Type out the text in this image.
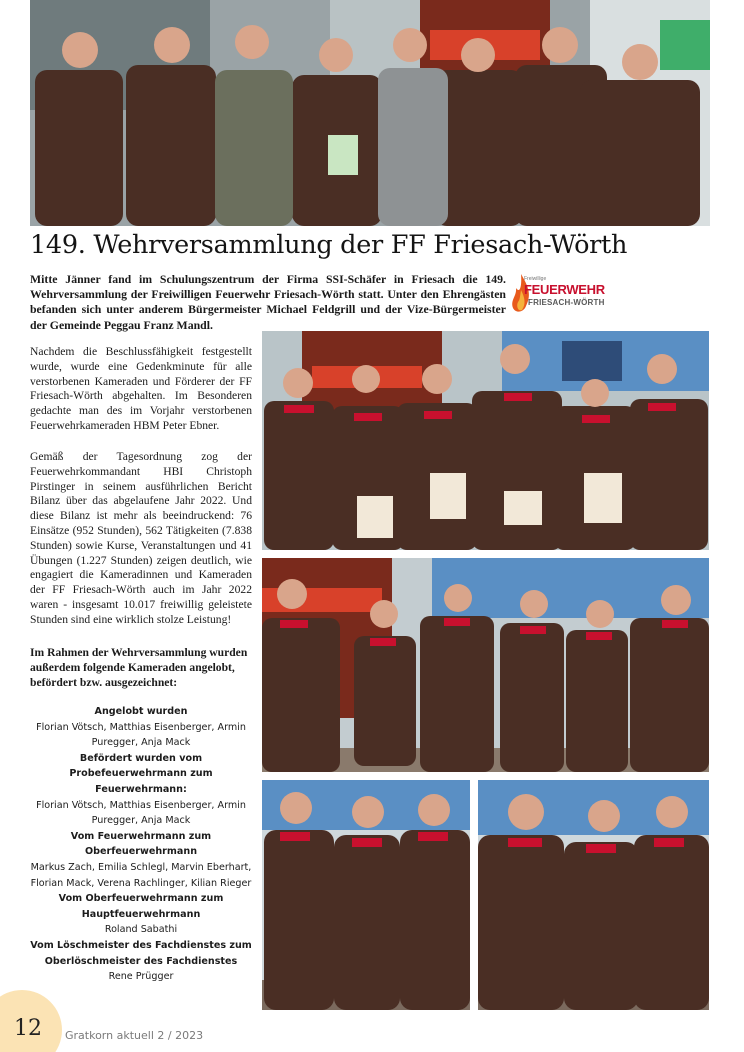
149. Wehrversammlung der FF Friesach-Wörth

Mitte Jänner fand im Schulungszentrum der Firma SSI-Schäfer in Friesach die 149. Wehrversammlung der Freiwilligen Feuerwehr Friesach-Wörth statt. Unter den Ehrengästen befanden sich unter anderem Bürgermeister Michael Feldgrill und der Vize-Bürgermeister der Gemeinde Peggau Franz Mandl.

Freiwillige
FEUERWEHR
FRIESACH-WÖRTH

Nachdem die Beschlussfähigkeit festgestellt wurde, wurde eine Gedenkminute für alle verstorbenen Kameraden und Förderer der FF Friesach-Wörth abgehalten. Im Besonderen gedachte man des im Vorjahr verstorbenen Feuerwehrkameraden HBM Peter Ebner.

Gemäß der Tagesordnung zog der Feuerwehrkommandant HBI Christoph Pirstinger in seinem ausführlichen Bericht Bilanz über das abgelaufene Jahr 2022. Und diese Bilanz ist mehr als beeindruckend: 76 Einsätze (952 Stunden), 562 Tätigkeiten (7.838 Stunden) sowie Kurse, Veranstaltungen und 41 Übungen (1.227 Stunden) zeigen deutlich, wie engagiert die Kameradinnen und Kameraden der FF Friesach-Wörth auch im Jahr 2022 waren - insgesamt 10.017 freiwillig geleistete Stunden sind eine wirklich stolze Leistung!

Im Rahmen der Wehrversammlung wurden außerdem folgende Kameraden angelobt, befördert bzw. ausgezeichnet:

Angelobt wurden
Florian Vötsch, Matthias Eisenberger, Armin Puregger, Anja Mack
Befördert wurden vom Probefeuerwehrmann zum Feuerwehrmann:
Florian Vötsch, Matthias Eisenberger, Armin Puregger, Anja Mack
Vom Feuerwehrmann zum Oberfeuerwehrmann
Markus Zach, Emilia Schlegl, Marvin Eberhart, Florian Mack, Verena Rachlinger, Kilian Rieger
Vom Oberfeuerwehrmann zum Hauptfeuerwehrmann
Roland Sabathi
Vom Löschmeister des Fachdienstes zum Oberlöschmeister des Fachdienstes
Rene Prügger
12 Gratkorn aktuell 2 / 2023
